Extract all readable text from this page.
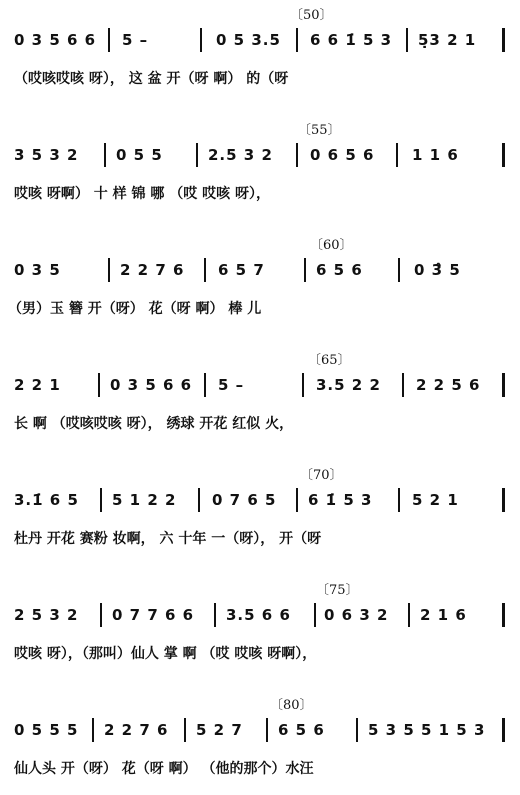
〔50〕
0 3 5 6 6 5 –	0 5 3.5 6 6 1̇ 5 3 5̣3 2 1
（哎咳哎咳 呀）， 这 盆 开（呀 啊） 的（呀
〔55〕
3 5 3 2	0 5 5	2.5 3 2 0 6 5 6	1 1 6
哎咳 呀啊） 十 样 锦 哪 （哎 哎咳 呀），
〔60〕
0 3 5	2 2 7 6 6 5 7	6 5 6	0 3̂ 5
（男）玉 簪 开（呀） 花（呀 啊） 棒 儿
〔65〕
2 2 1	0 3 5 6 6 5 –	3.5 2 2 2 2 5 6
长 啊 （哎咳哎咳 呀）， 绣球 开花 红似 火，
〔70〕
3.1̇ 6 5 5 1 2 2 0 7 6 5 6 1̇ 5 3	5 2 1
杜丹 开花 赛粉 妆啊， 六 十年 一（呀）， 开（呀
〔75〕
2 5 3 2 0 7 7 6 6 3.5 6 6 0 6 3 2 2 1 6
哎咳 呀），（那叫）仙人 掌 啊 （哎 哎咳 呀啊），
〔80〕
0 5 5 5 2 2 7 6 5 2 7 6 5 6	5 3 5 5 1 5 3
仙人头 开（呀） 花（呀 啊） （他的那个）水汪
